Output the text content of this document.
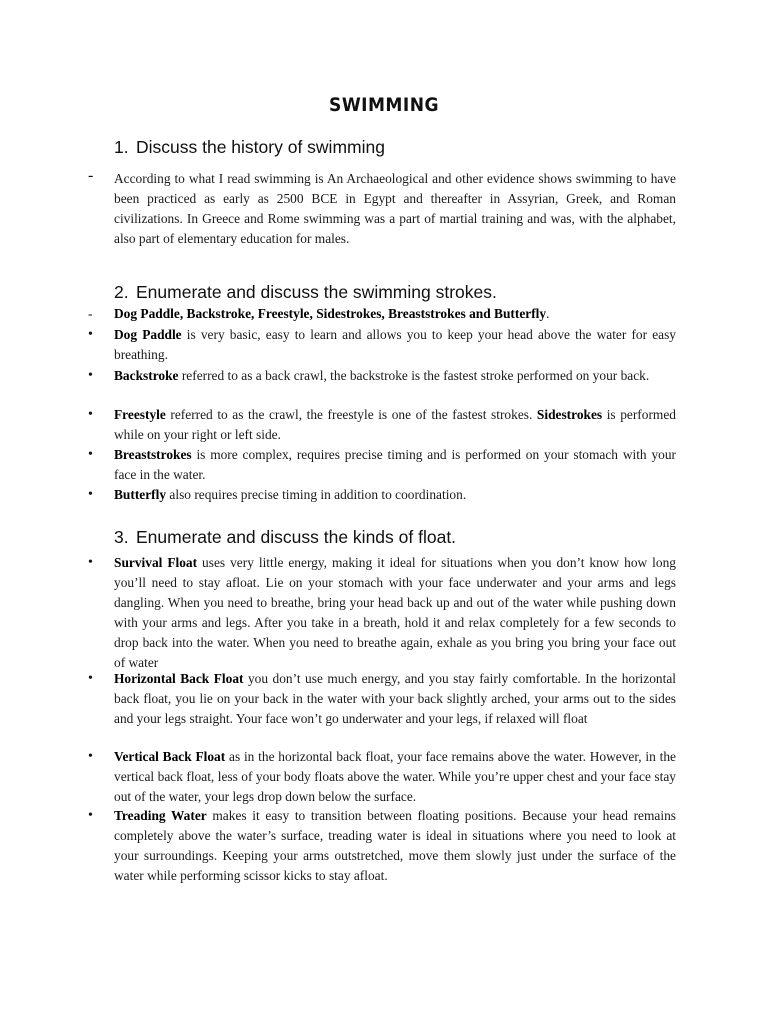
SWIMMING
1. Discuss the history of swimming
- According to what I read swimming is An Archaeological and other evidence shows swimming to have been practiced as early as 2500 BCE in Egypt and thereafter in Assyrian, Greek, and Roman civilizations. In Greece and Rome swimming was a part of martial training and was, with the alphabet, also part of elementary education for males.
2. Enumerate and discuss the swimming strokes.
- Dog Paddle, Backstroke, Freestyle, Sidestrokes, Breaststrokes and Butterfly.
• Dog Paddle is very basic, easy to learn and allows you to keep your head above the water for easy breathing.
• Backstroke referred to as a back crawl, the backstroke is the fastest stroke performed on your back.
• Freestyle referred to as the crawl, the freestyle is one of the fastest strokes. Sidestrokes is performed while on your right or left side.
• Breaststrokes is more complex, requires precise timing and is performed on your stomach with your face in the water.
• Butterfly also requires precise timing in addition to coordination.
3. Enumerate and discuss the kinds of float.
• Survival Float uses very little energy, making it ideal for situations when you don’t know how long you’ll need to stay afloat. Lie on your stomach with your face underwater and your arms and legs dangling. When you need to breathe, bring your head back up and out of the water while pushing down with your arms and legs. After you take in a breath, hold it and relax completely for a few seconds to drop back into the water. When you need to breathe again, exhale as you bring you bring your face out of water
• Horizontal Back Float you don’t use much energy, and you stay fairly comfortable. In the horizontal back float, you lie on your back in the water with your back slightly arched, your arms out to the sides and your legs straight. Your face won’t go underwater and your legs, if relaxed will float
• Vertical Back Float as in the horizontal back float, your face remains above the water. However, in the vertical back float, less of your body floats above the water. While you’re upper chest and your face stay out of the water, your legs drop down below the surface.
• Treading Water makes it easy to transition between floating positions. Because your head remains completely above the water’s surface, treading water is ideal in situations where you need to look at your surroundings. Keeping your arms outstretched, move them slowly just under the surface of the water while performing scissor kicks to stay afloat.
